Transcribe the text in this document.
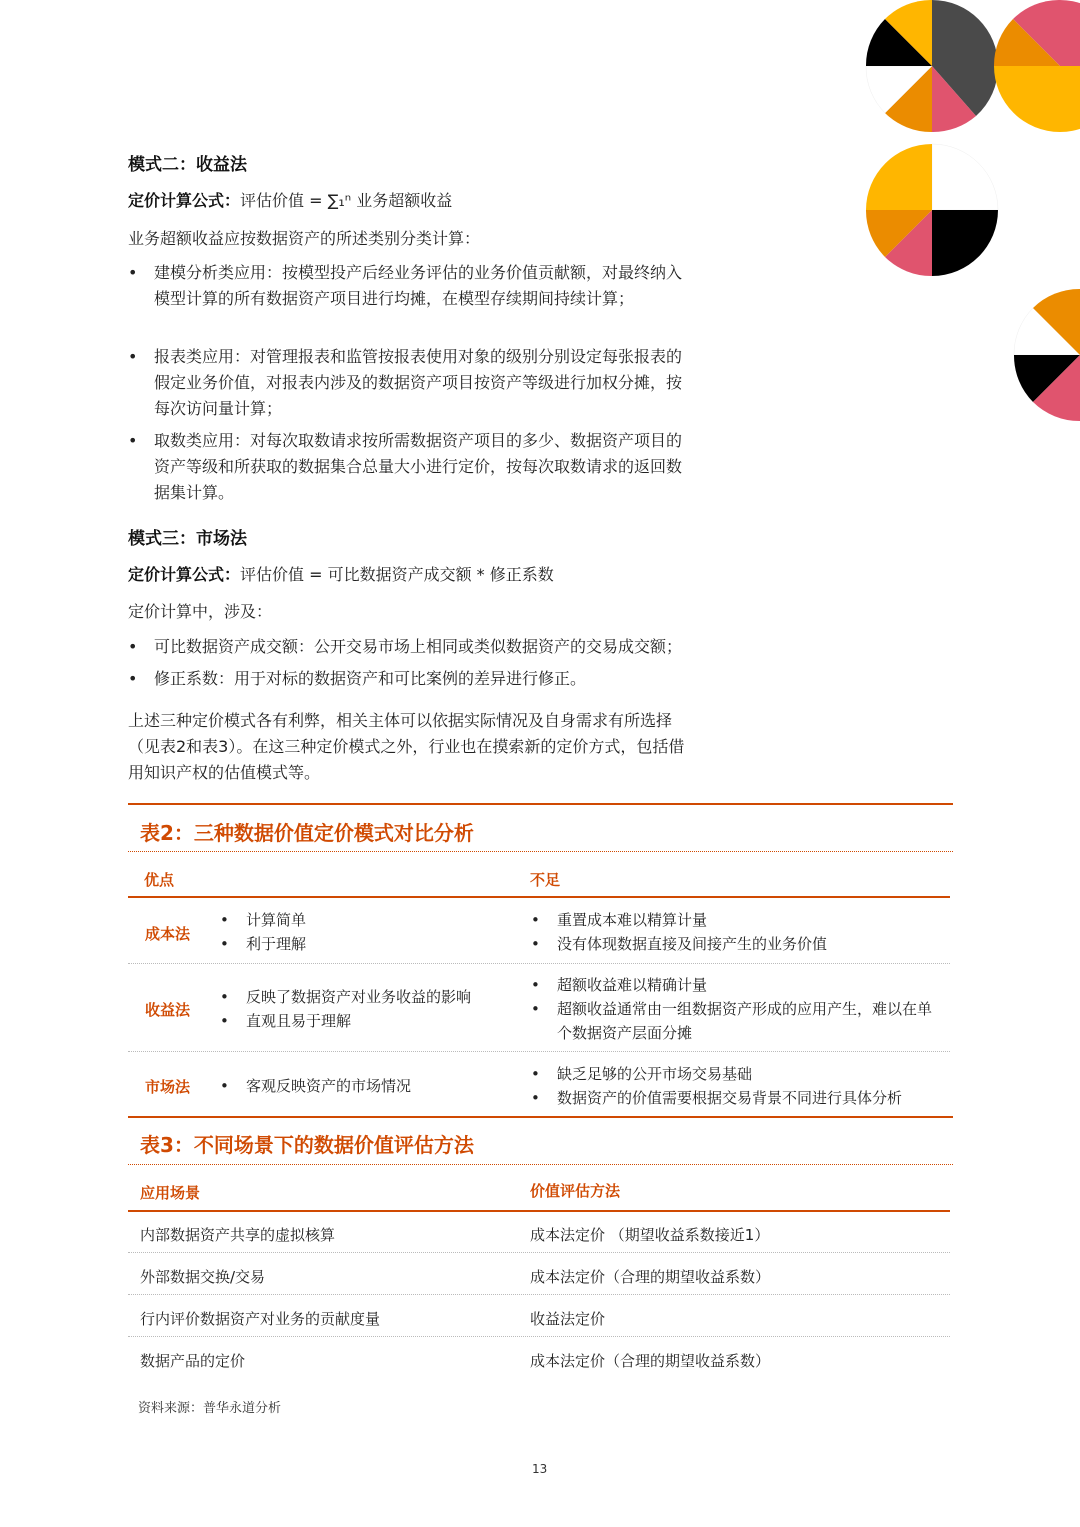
模式二：收益法
定价计算公式：评估价值 = ∑₁ⁿ 业务超额收益
业务超额收益应按数据资产的所述类别分类计算：
• 建模分析类应用：按模型投产后经业务评估的业务价值贡献额，对最终纳入模型计算的所有数据资产项目进行均摊，在模型存续期间持续计算；
• 报表类应用：对管理报表和监管按报表使用对象的级别分别设定每张报表的假定业务价值，对报表内涉及的数据资产项目按资产等级进行加权分摊，按每次访问量计算；
• 取数类应用：对每次取数请求按所需数据资产项目的多少、数据资产项目的资产等级和所获取的数据集合总量大小进行定价，按每次取数请求的返回数据集计算。
模式三：市场法
定价计算公式：评估价值 = 可比数据资产成交额 * 修正系数
定价计算中，涉及：
• 可比数据资产成交额：公开交易市场上相同或类似数据资产的交易成交额；
• 修正系数：用于对标的数据资产和可比案例的差异进行修正。
上述三种定价模式各有利弊，相关主体可以依据实际情况及自身需求有所选择（见表2和表3）。在这三种定价模式之外，行业也在摸索新的定价方式，包括借用知识产权的估值模式等。
表2：三种数据价值定价模式对比分析
优点	不足
成本法
• 计算简单
• 利于理解
• 重置成本难以精算计量
• 没有体现数据直接及间接产生的业务价值
收益法
• 反映了数据资产对业务收益的影响
• 直观且易于理解
• 超额收益难以精确计量
• 超额收益通常由一组数据资产形成的应用产生，难以在单个数据资产层面分摊
市场法
•	客观反映资产的市场情况
• 缺乏足够的公开市场交易基础
• 数据资产的价值需要根据交易背景不同进行具体分析
表3：不同场景下的数据价值评估方法
应用场景	价值评估方法
内部数据资产共享的虚拟核算	成本法定价 （期望收益系数接近1）
外部数据交换/交易	成本法定价（合理的期望收益系数）
行内评价数据资产对业务的贡献度量	收益法定价
数据产品的定价	成本法定价（合理的期望收益系数）
资料来源：普华永道分析
13
